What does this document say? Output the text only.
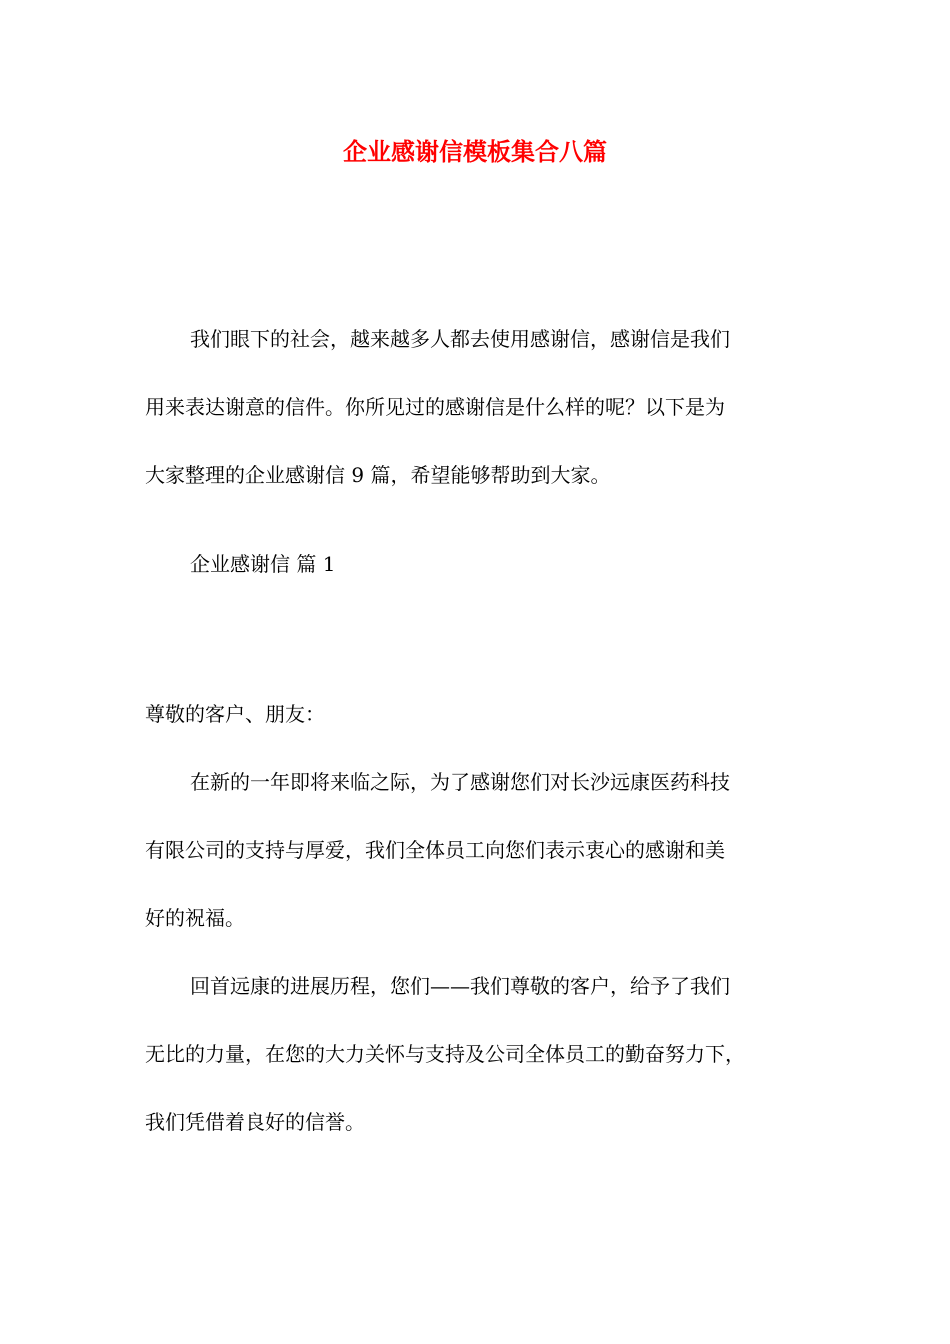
企业感谢信模板集合八篇
我们眼下的社会，越来越多人都去使用感谢信，感谢信是我们
用来表达谢意的信件。你所见过的感谢信是什么样的呢？以下是为
大家整理的企业感谢信 9 篇，希望能够帮助到大家。
企业感谢信 篇 1
尊敬的客户、朋友：
在新的一年即将来临之际，为了感谢您们对长沙远康医药科技
有限公司的支持与厚爱，我们全体员工向您们表示衷心的感谢和美
好的祝福。
回首远康的进展历程，您们——我们尊敬的客户，给予了我们
无比的力量，在您的大力关怀与支持及公司全体员工的勤奋努力下，
我们凭借着良好的信誉。
